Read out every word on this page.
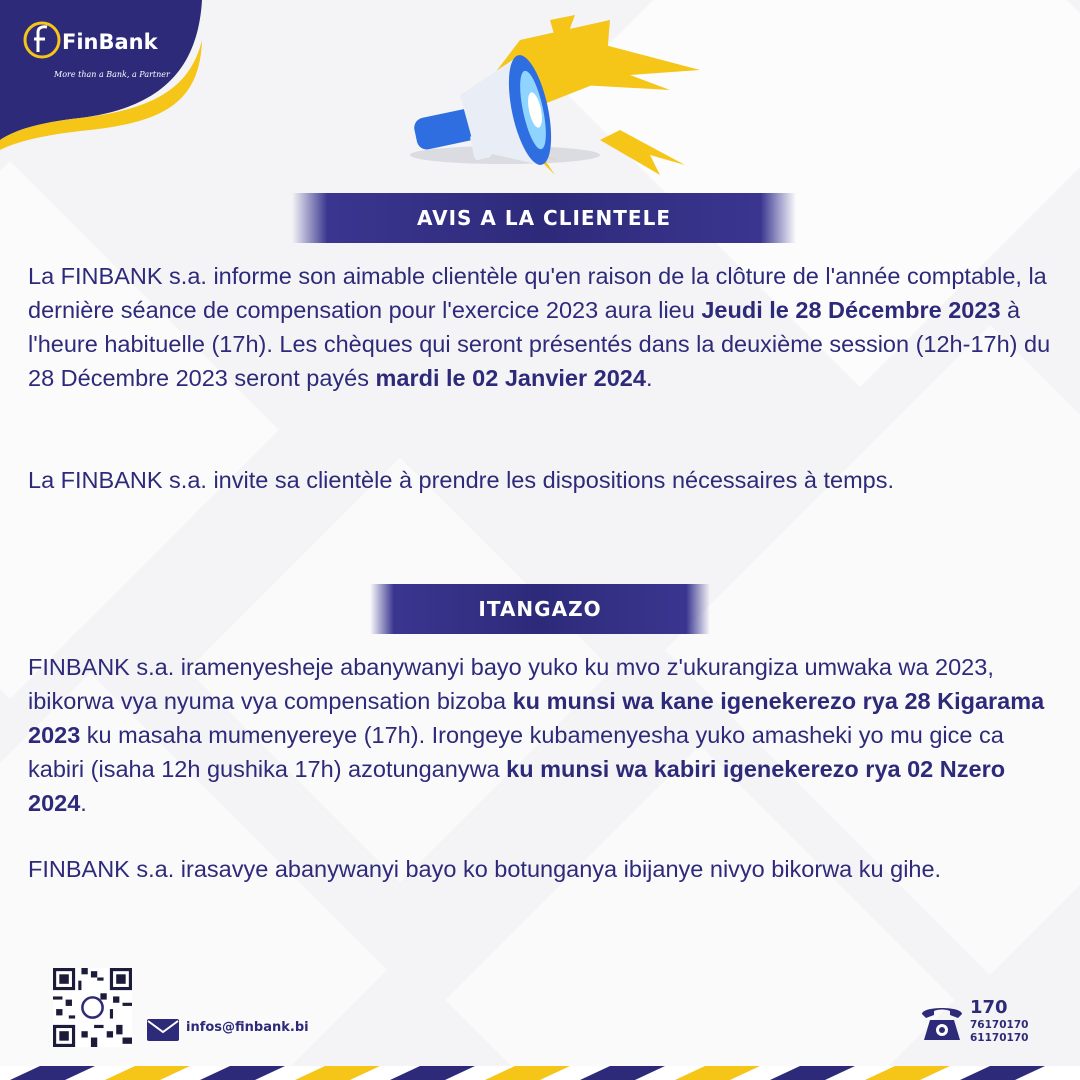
FinBank
More than a Bank, a Partner
AVIS A LA CLIENTELE

La FINBANK s.a. informe son aimable clientèle qu'en raison de la clôture de l'année comptable, la dernière séance de compensation pour l'exercice 2023 aura lieu Jeudi le 28 Décembre 2023 à l'heure habituelle (17h). Les chèques qui seront présentés dans la deuxième session (12h-17h) du 28 Décembre 2023 seront payés mardi le 02 Janvier 2024.

La FINBANK s.a. invite sa clientèle à prendre les dispositions nécessaires à temps.

ITANGAZO

FINBANK s.a. iramenyesheje abanywanyi bayo yuko ku mvo z'ukurangiza umwaka wa 2023, ibikorwa vya nyuma vya compensation bizoba ku munsi wa kane igenekerezo rya 28 Kigarama 2023 ku masaha mumenyereye (17h). Irongeye kubamenyesha yuko amasheki yo mu gice ca kabiri (isaha 12h gushika 17h) azotunganywa ku munsi wa kabiri igenekerezo rya 02 Nzero 2024.

FINBANK s.a. irasavye abanywanyi bayo ko botunganya ibijanye nivyo bikorwa ku gihe.

infos@finbank.bi
170
76170170
61170170
